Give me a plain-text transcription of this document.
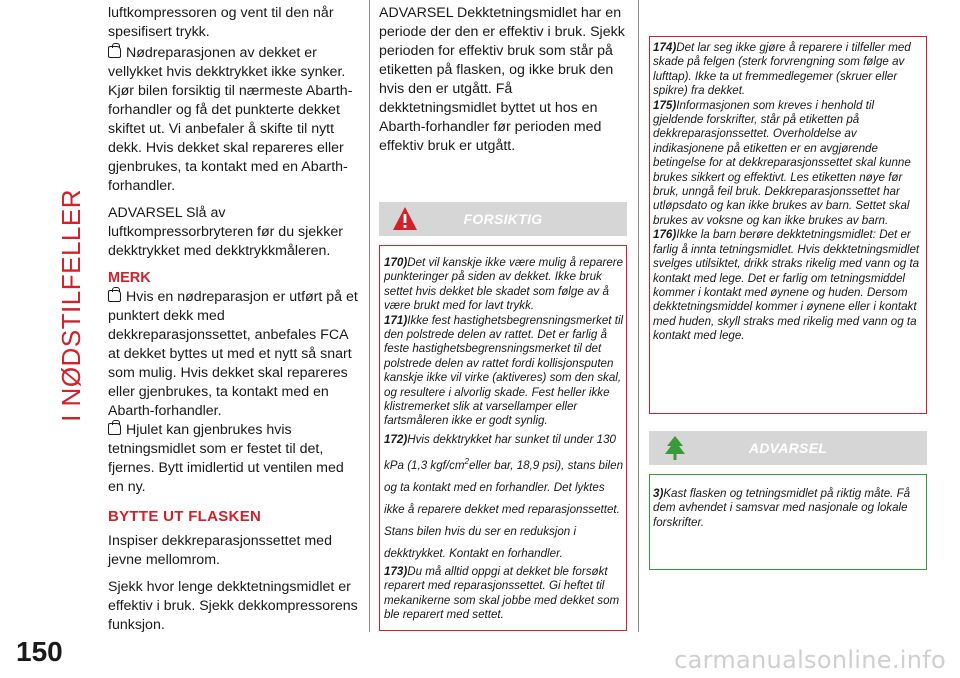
I NØDSTILFELLER

luftkompressoren og vent til den når spesifisert trykk.

Nødreparasjonen av dekket er vellykket hvis dekktrykket ikke synker. Kjør bilen forsiktig til nærmeste Abarth-forhandler og få det punkterte dekket skiftet ut. Vi anbefaler å skifte til nytt dekk. Hvis dekket skal repareres eller gjenbrukes, ta kontakt med en Abarth-forhandler.

ADVARSEL Slå av luftkompressorbryteren før du sjekker dekktrykket med dekktrykkmåleren.

MERK

Hvis en nødreparasjon er utført på et punktert dekk med dekkreparasjonssettet, anbefales FCA at dekket byttes ut med et nytt så snart som mulig. Hvis dekket skal repareres eller gjenbrukes, ta kontakt med en Abarth-forhandler.

Hjulet kan gjenbrukes hvis tetningsmidlet som er festet til det, fjernes. Bytt imidlertid ut ventilen med en ny.

BYTTE UT FLASKEN

Inspiser dekkreparasjonssettet med jevne mellomrom.

Sjekk hvor lenge dekktetningsmidlet er effektiv i bruk. Sjekk dekkompressorens funksjon.

ADVARSEL Dekktetningsmidlet har en periode der den er effektiv i bruk. Sjekk perioden for effektiv bruk som står på etiketten på flasken, og ikke bruk den hvis den er utgått. Få dekktetningsmidlet byttet ut hos en Abarth-forhandler før perioden med effektiv bruk er utgått.

FORSIKTIG

170)Det vil kanskje ikke være mulig å reparere punkteringer på siden av dekket. Ikke bruk settet hvis dekket ble skadet som følge av å være brukt med for lavt trykk.

171)Ikke fest hastighetsbegrensningsmerket til den polstrede delen av rattet. Det er farlig å feste hastighetsbegrensningsmerket til det polstrede delen av rattet fordi kollisjonsputen kanskje ikke vil virke (aktiveres) som den skal, og resultere i alvorlig skade. Fest heller ikke klistremerket slik at varsellamper eller fartsmåleren ikke er godt synlig.

172)Hvis dekktrykket har sunket til under 130 kPa (1,3 kgf/$cm^2eller$ bar, 18,9 psi), stans bilen og ta kontakt med en forhandler. Det lyktes ikke å reparere dekket med reparasjonssettet. Stans bilen hvis du ser en reduksjon i dekktrykket. Kontakt en forhandler.

173)Du må alltid oppgi at dekket ble forsøkt reparert med reparasjonssettet. Gi heftet til mekanikerne som skal jobbe med dekket som ble reparert med settet.

174)Det lar seg ikke gjøre å reparere i tilfeller med skade på felgen (sterk forvrengning som følge av lufttap). Ikke ta ut fremmedlegemer (skruer eller spikre) fra dekket.

175)Informasjonen som kreves i henhold til gjeldende forskrifter, står på etiketten på dekkreparasjonssettet. Overholdelse av indikasjonene på etiketten er en avgjørende betingelse for at dekkreparasjonssettet skal kunne brukes sikkert og effektivt. Les etiketten nøye før bruk, unngå feil bruk. Dekkreparasjonssettet har utløpsdato og kan ikke brukes av barn. Settet skal brukes av voksne og kan ikke brukes av barn.

176)Ikke la barn berøre dekktetningsmidlet: Det er farlig å innta tetningsmidlet. Hvis dekktetningsmidlet svelges utilsiktet, drikk straks rikelig med vann og ta kontakt med lege. Det er farlig om tetningsmiddel kommer i kontakt med øynene og huden. Dersom dekktetningsmiddel kommer i øynene eller i kontakt med huden, skyll straks med rikelig med vann og ta kontakt med lege.

ADVARSEL

3)Kast flasken og tetningsmidlet på riktig måte. Få dem avhendet i samsvar med nasjonale og lokale forskrifter.

150	carmanualsonline.info
